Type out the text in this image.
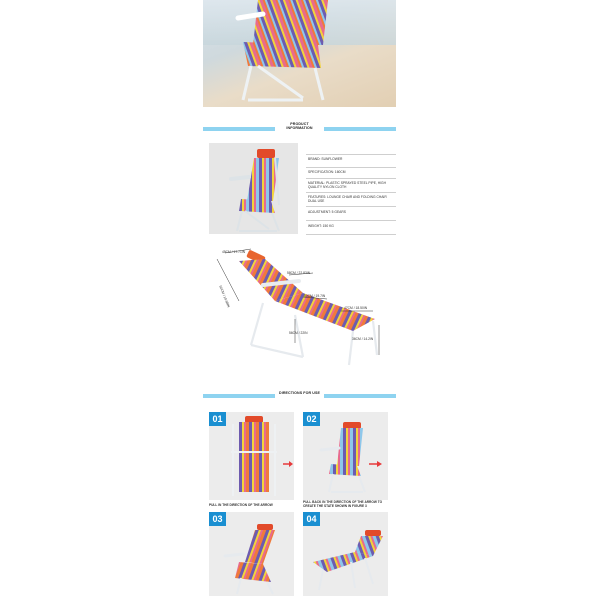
PRODUCT
INFORMATION
BRAND: SUNFLOWER
SPECIFICATION: 160CM
MATERIAL: PLASTIC SPRAYED STEEL PIPE, HIGH QUALITY NYLON CLOTH
FEATURES: LOUNGE CHAIR AND FOLDING CHAIR DUAL USE
ADJUSTMENT: 5 GEARS
WEIGHT: 150 KG
45CM / 17.71IN
50CM / 19.68IN
58CM / 22.83IN
50CM / 19.7IN
47CM / 18.50IN
56CM / 22IN
36CM / 14.2IN
DIRECTIONS FOR USE
01
PULL IN THE DIRECTION OF THE ARROW
02
PULL BACK IN THE DIRECTION OF THE ARROW TO CREATE THE STATE SHOWN IN FIGURE 3
03	04
